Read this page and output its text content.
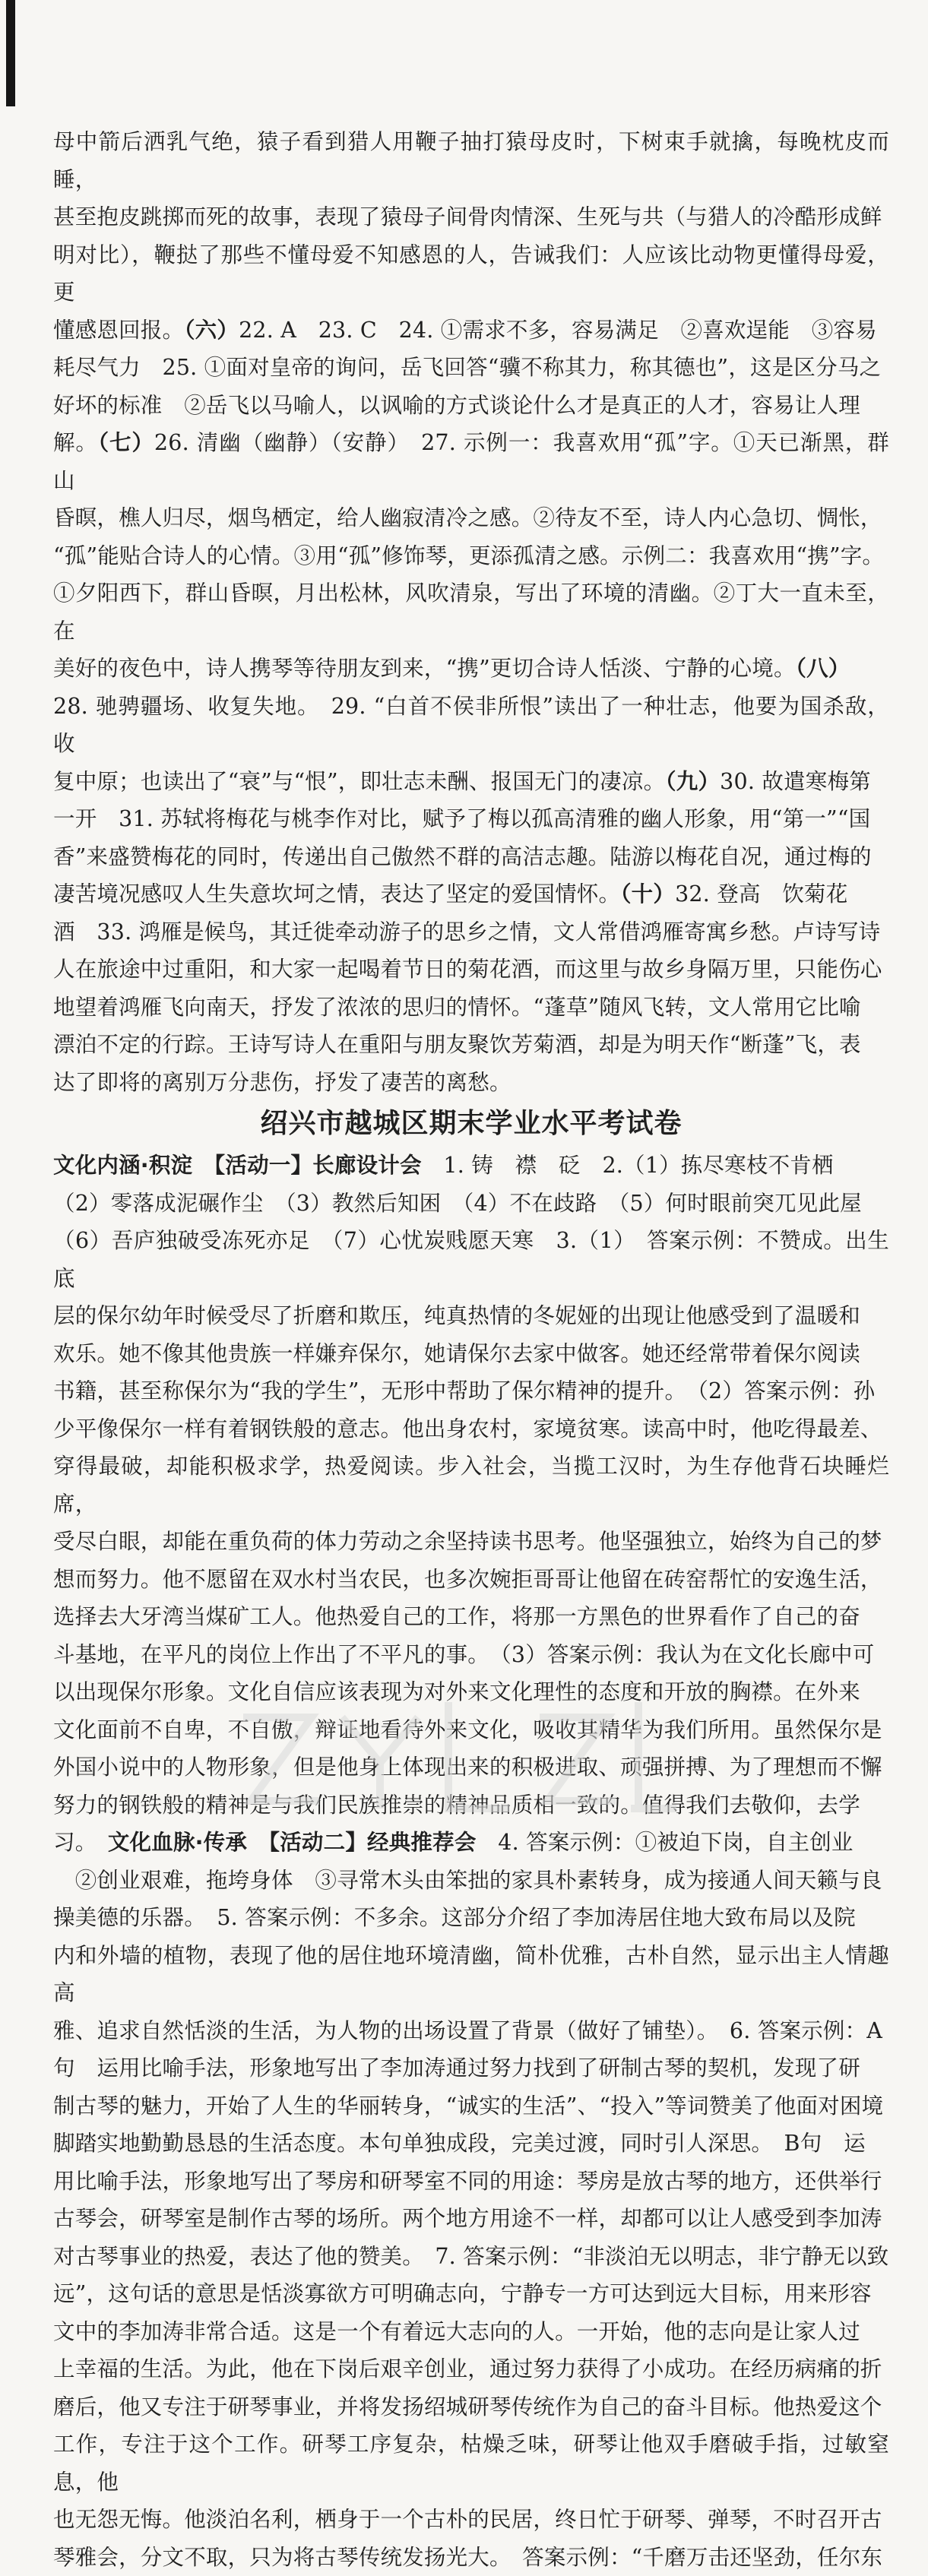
母中箭后洒乳气绝，猿子看到猎人用鞭子抽打猿母皮时，下树束手就擒，每晚枕皮而睡，

甚至抱皮跳掷而死的故事，表现了猿母子间骨肉情深、生死与共（与猎人的冷酷形成鲜

明对比），鞭挞了那些不懂母爱不知感恩的人，告诫我们：人应该比动物更懂得母爱，更

懂感恩回报。（六）22. A　23. C　24. ①需求不多，容易满足　②喜欢逞能　③容易

耗尽气力　25. ①面对皇帝的询问，岳飞回答“骥不称其力，称其德也”，这是区分马之

好坏的标准　②岳飞以马喻人，以讽喻的方式谈论什么才是真正的人才，容易让人理

解。（七）26. 清幽（幽静）（安静）　27. 示例一：我喜欢用“孤”字。①天已渐黑，群山

昏暝，樵人归尽，烟鸟栖定，给人幽寂清冷之感。②待友不至，诗人内心急切、惆怅，

“孤”能贴合诗人的心情。③用“孤”修饰琴，更添孤清之感。示例二：我喜欢用“携”字。

①夕阳西下，群山昏暝，月出松林，风吹清泉，写出了环境的清幽。②丁大一直未至，在

美好的夜色中，诗人携琴等待朋友到来，“携”更切合诗人恬淡、宁静的心境。（八）

28. 驰骋疆场、收复失地。　29. “白首不侯非所恨”读出了一种壮志，他要为国杀敌，收

复中原；也读出了“衰”与“恨”，即壮志未酬、报国无门的凄凉。（九）30. 故遣寒梅第

一开　31. 苏轼将梅花与桃李作对比，赋予了梅以孤高清雅的幽人形象，用“第一”“国

香”来盛赞梅花的同时，传递出自己傲然不群的高洁志趣。陆游以梅花自况，通过梅的

凄苦境况感叹人生失意坎坷之情，表达了坚定的爱国情怀。（十）32. 登高　饮菊花

酒　33. 鸿雁是候鸟，其迁徙牵动游子的思乡之情，文人常借鸿雁寄寓乡愁。卢诗写诗

人在旅途中过重阳，和大家一起喝着节日的菊花酒，而这里与故乡身隔万里，只能伤心

地望着鸿雁飞向南天，抒发了浓浓的思归的情怀。“蓬草”随风飞转，文人常用它比喻

漂泊不定的行踪。王诗写诗人在重阳与朋友聚饮芳菊酒，却是为明天作“断蓬”飞，表

达了即将的离别万分悲伤，抒发了凄苦的离愁。

绍兴市越城区期末学业水平考试卷

文化内涵·积淀　【活动一】长廊设计会　1. 铸　襟　砭　2.（1）拣尽寒枝不肯栖

（2）零落成泥碾作尘　（3）教然后知困　（4）不在歧路　（5）何时眼前突兀见此屋

（6）吾庐独破受冻死亦足　（7）心忧炭贱愿天寒　3.（1）　答案示例：不赞成。出生底

层的保尔幼年时候受尽了折磨和欺压，纯真热情的冬妮娅的出现让他感受到了温暖和

欢乐。她不像其他贵族一样嫌弃保尔，她请保尔去家中做客。她还经常带着保尔阅读

书籍，甚至称保尔为“我的学生”，无形中帮助了保尔精神的提升。　（2）答案示例：孙

少平像保尔一样有着钢铁般的意志。他出身农村，家境贫寒。读高中时，他吃得最差、

穿得最破，却能积极求学，热爱阅读。步入社会，当揽工汉时，为生存他背石块睡烂席，

受尽白眼，却能在重负荷的体力劳动之余坚持读书思考。他坚强独立，始终为自己的梦

想而努力。他不愿留在双水村当农民，也多次婉拒哥哥让他留在砖窑帮忙的安逸生活，

选择去大牙湾当煤矿工人。他热爱自己的工作，将那一方黑色的世界看作了自己的奋

斗基地，在平凡的岗位上作出了不平凡的事。　（3）答案示例：我认为在文化长廊中可

以出现保尔形象。文化自信应该表现为对外来文化理性的态度和开放的胸襟。在外来

文化面前不自卑，不自傲，辩证地看待外来文化，吸收其精华为我们所用。虽然保尔是

外国小说中的人物形象，但是他身上体现出来的积极进取、顽强拼搏、为了理想而不懈

努力的钢铁般的精神是与我们民族推崇的精神品质相一致的。值得我们去敬仰，去学

习。　文化血脉·传承　【活动二】经典推荐会　4. 答案示例：①被迫下岗，自主创业

　②创业艰难，拖垮身体　③寻常木头由笨拙的家具朴素转身，成为接通人间天籁与良

操美德的乐器。　5. 答案示例：不多余。这部分介绍了李加涛居住地大致布局以及院

内和外墙的植物，表现了他的居住地环境清幽，简朴优雅，古朴自然，显示出主人情趣高

雅、追求自然恬淡的生活，为人物的出场设置了背景（做好了铺垫）。　6. 答案示例：A

句　运用比喻手法，形象地写出了李加涛通过努力找到了研制古琴的契机，发现了研

制古琴的魅力，开始了人生的华丽转身，“诚实的生活”、“投入”等词赞美了他面对困境

脚踏实地勤勤恳恳的生活态度。本句单独成段，完美过渡，同时引人深思。　B句　运

用比喻手法，形象地写出了琴房和研琴室不同的用途：琴房是放古琴的地方，还供举行

古琴会，研琴室是制作古琴的场所。两个地方用途不一样，却都可以让人感受到李加涛

对古琴事业的热爱，表达了他的赞美。　7. 答案示例：“非淡泊无以明志，非宁静无以致

远”，这句话的意思是恬淡寡欲方可明确志向，宁静专一方可达到远大目标，用来形容

文中的李加涛非常合适。这是一个有着远大志向的人。一开始，他的志向是让家人过

上幸福的生活。为此，他在下岗后艰辛创业，通过努力获得了小成功。在经历病痛的折

磨后，他又专注于研琴事业，并将发扬绍城研琴传统作为自己的奋斗目标。他热爱这个

工作，专注于这个工作。研琴工序复杂，枯燥乏味，研琴让他双手磨破手指，过敏窒息，他

也无怨无悔。他淡泊名利，栖身于一个古朴的民居，终日忙于研琴、弹琴，不时召开古

琴雅会，分文不取，只为将古琴传统发扬光大。　答案示例：“千磨万击还坚劲，任尔东
